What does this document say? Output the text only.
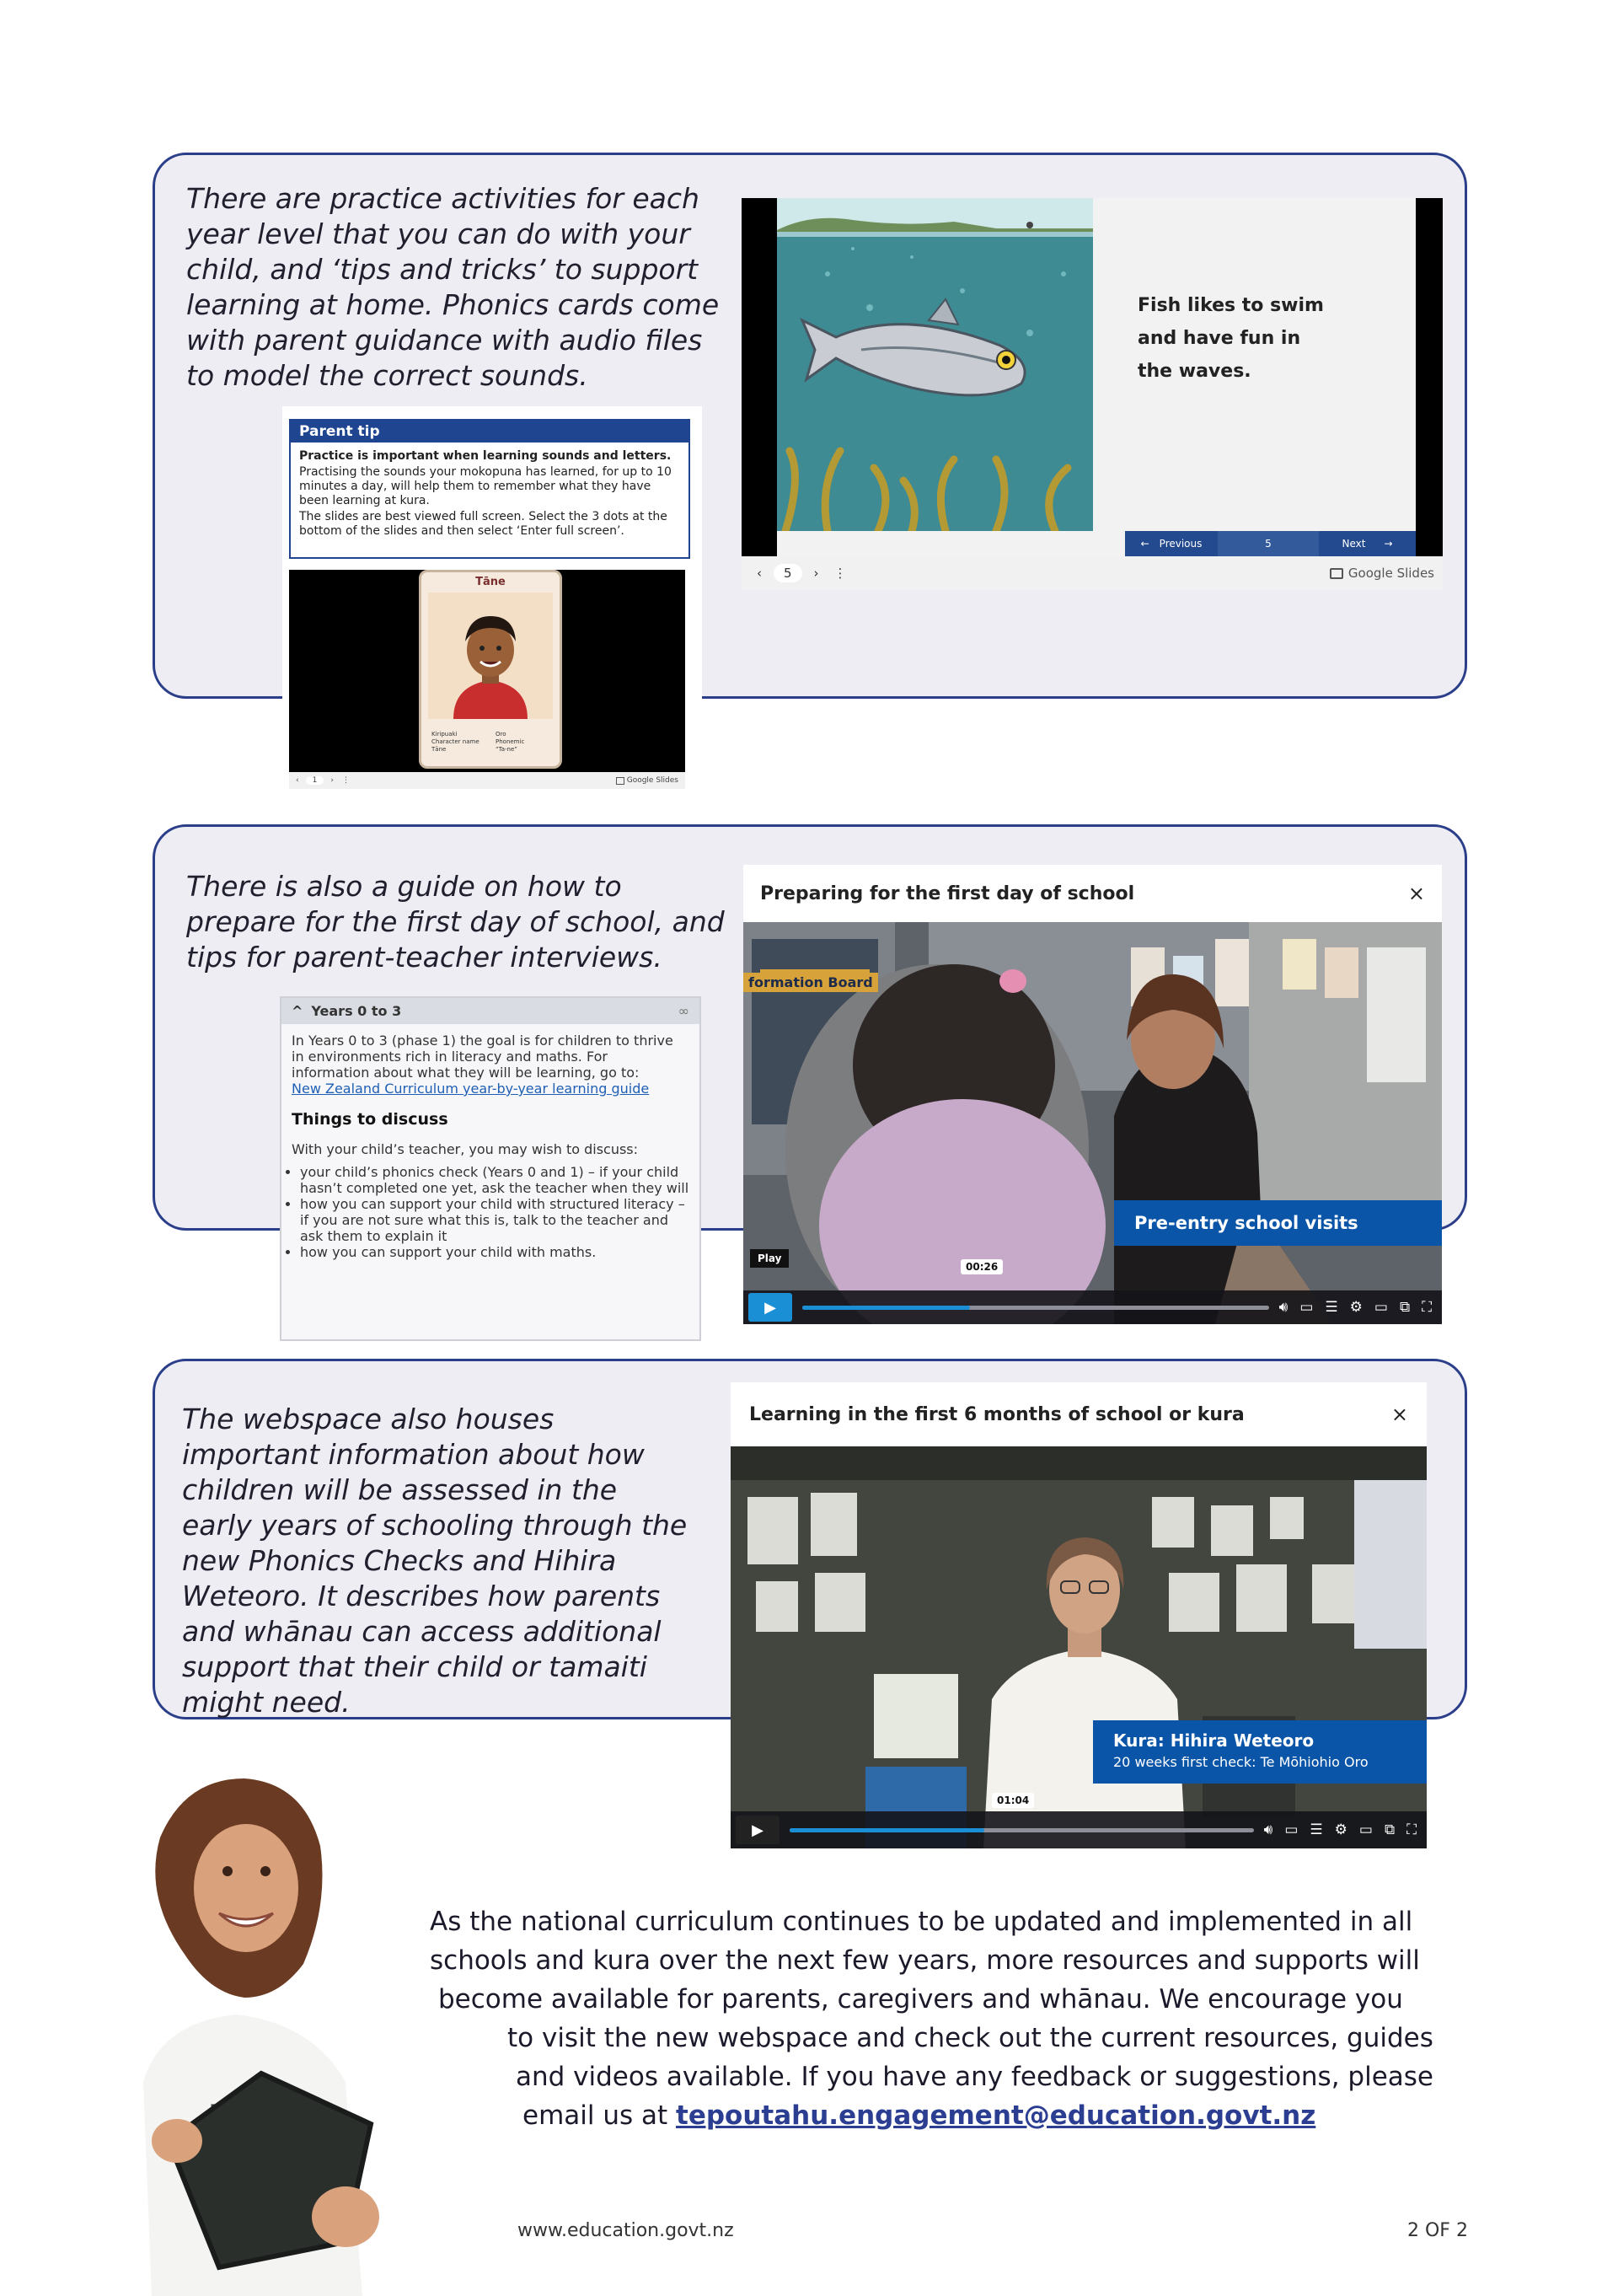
There are practice activities for each year level that you can do with your child, and ‘tips and tricks’ to support learning at home. Phonics cards come with parent guidance with audio files to model the correct sounds.

Fish likes to swim
and have fun in
the waves.
← Previous	5	Next →
‹	5	› ⋮	Google Slides
Parent tip
Practice is important when learning sounds and letters.

Practising the sounds your mokopuna has learned, for up to 10 minutes a day, will help them to remember what they have been learning at kura.

The slides are best viewed full screen. Select the 3 dots at the bottom of the slides and then select ‘Enter full screen’.

Tāne
Kiripuaki
Character name
Tāne
Oro
Phonemic
“Ta-ne”
‹	1	› ⋮	Google Slides

There is also a guide on how to prepare for the first day of school, and tips for parent-teacher interviews.

^ Years 0 to 3	∞

In Years 0 to 3 (phase 1) the goal is for children to thrive in environments rich in literacy and maths. For information about what they will be learning, go to:
New Zealand Curriculum year-by-year learning guide

Things to discuss

With your child’s teacher, you may wish to discuss:

• your child’s phonics check (Years 0 and 1) – if your child hasn’t completed one yet, ask the teacher when they will
• how you can support your child with structured literacy – if you are not sure what this is, talk to the teacher and ask them to explain it
• how you can support your child with maths.
Preparing for the first day of school	×
formation Board
Pre-entry school visits
Play
00:26
▶	🔊︎ ▭ ☰ ⚙ ▭ ⧉ ⛶

The webspace also houses important information about how children will be assessed in the early years of schooling through the new Phonics Checks and Hihira Weteoro. It describes how parents and whānau can access additional support that their child or tamaiti might need.

Learning in the first 6 months of school or kura	×
Kura: Hihira Weteoro
20 weeks first check: Te Mōhiohio Oro
01:04
▶	🔊︎ ▭ ☰ ⚙ ▭ ⧉ ⛶
As the national curriculum continues to be updated and implemented in all
schools and kura over the next few years, more resources and supports will
become available for parents, caregivers and whānau. We encourage you
to visit the new webspace and check out the current resources, guides
and videos available. If you have any feedback or suggestions, please
email us at tepoutahu.engagement@education.govt.nz
www.education.govt.nz	2 OF 2
